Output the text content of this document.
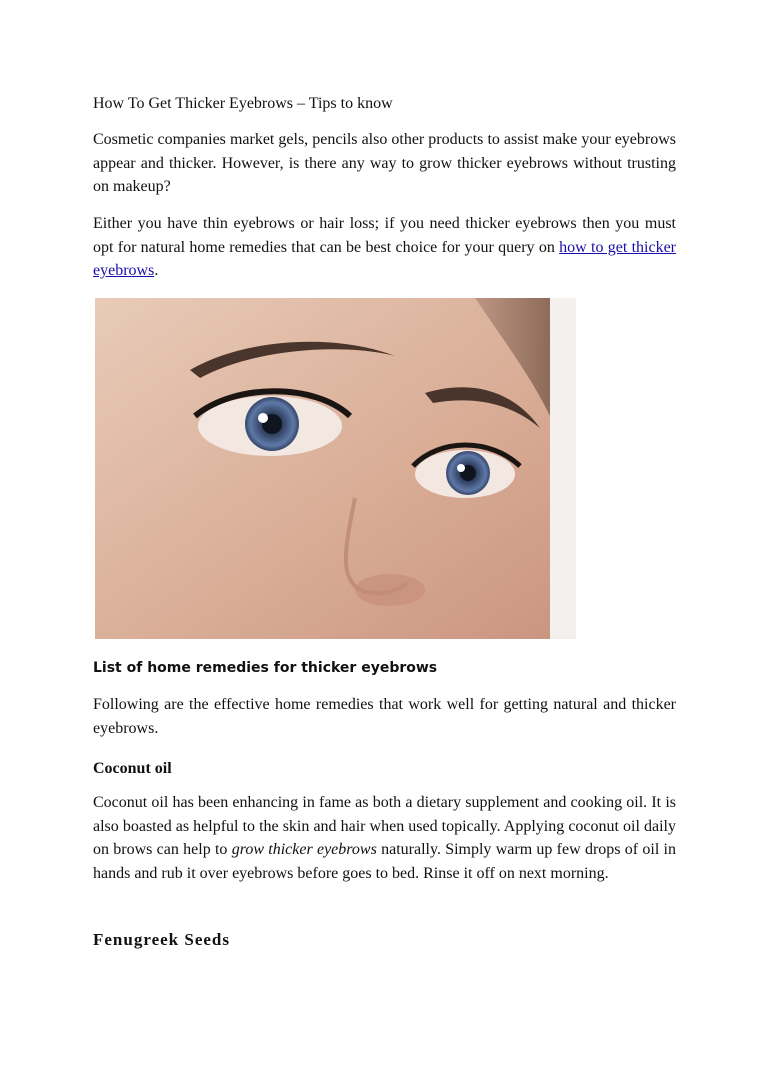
How To Get Thicker Eyebrows – Tips to know

Cosmetic companies market gels, pencils also other products to assist make your eyebrows appear and thicker. However, is there any way to grow thicker eyebrows without trusting on makeup?

Either you have thin eyebrows or hair loss; if you need thicker eyebrows then you must opt for natural home remedies that can be best choice for your query on how to get thicker eyebrows.

List of home remedies for thicker eyebrows

Following are the effective home remedies that work well for getting natural and thicker eyebrows.

Coconut oil

Coconut oil has been enhancing in fame as both a dietary supplement and cooking oil. It is also boasted as helpful to the skin and hair when used topically. Applying coconut oil daily on brows can help to grow thicker eyebrows naturally. Simply warm up few drops of oil in hands and rub it over eyebrows before goes to bed. Rinse it off on next morning.

Fenugreek Seeds
